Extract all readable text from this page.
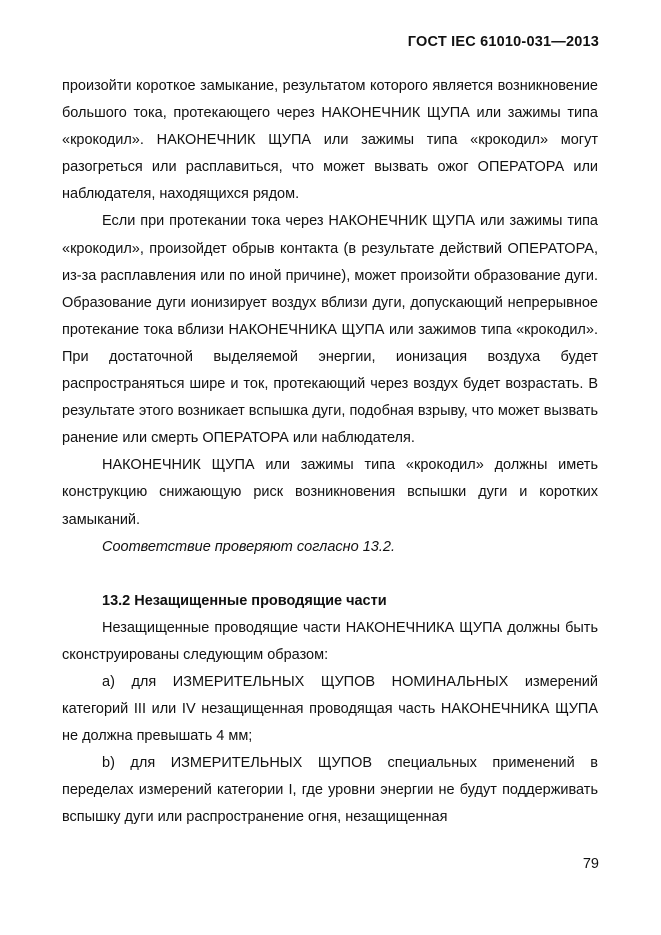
ГОСТ IEC 61010-031—2013

произойти короткое замыкание, результатом которого является возникновение большого тока, протекающего через НАКОНЕЧНИК ЩУПА или зажимы типа «крокодил». НАКОНЕЧНИК ЩУПА или зажимы типа «крокодил» могут разогреться или расплавиться, что может вызвать ожог ОПЕРАТОРА или наблюдателя, находящихся рядом.

Если при протекании тока через НАКОНЕЧНИК ЩУПА или зажимы типа «крокодил», произойдет обрыв контакта (в результате действий ОПЕРАТОРА, из-за расплавления или по иной причине), может произойти образование дуги. Образование дуги ионизирует воздух вблизи дуги, допускающий непрерывное протекание тока вблизи НАКОНЕЧНИКА ЩУПА или зажимов типа «крокодил». При достаточной выделяемой энергии, ионизация воздуха будет распространяться шире и ток, протекающий через воздух будет возрастать. В результате этого возникает вспышка дуги, подобная взрыву, что может вызвать ранение или смерть ОПЕРАТОРА или наблюдателя.

НАКОНЕЧНИК ЩУПА или зажимы типа «крокодил» должны иметь конструкцию снижающую риск возникновения вспышки дуги и коротких замыканий.

Соответствие проверяют согласно 13.2.

13.2 Незащищенные проводящие части

Незащищенные проводящие части НАКОНЕЧНИКА ЩУПА должны быть сконструированы следующим образом:

а) для ИЗМЕРИТЕЛЬНЫХ ЩУПОВ НОМИНАЛЬНЫХ измерений категорий III или IV незащищенная проводящая часть НАКОНЕЧНИКА ЩУПА не должна превышать 4 мм;

b) для ИЗМЕРИТЕЛЬНЫХ ЩУПОВ специальных применений в переделах измерений категории I, где уровни энергии не будут поддерживать вспышку дуги или распространение огня, незащищенная

79
